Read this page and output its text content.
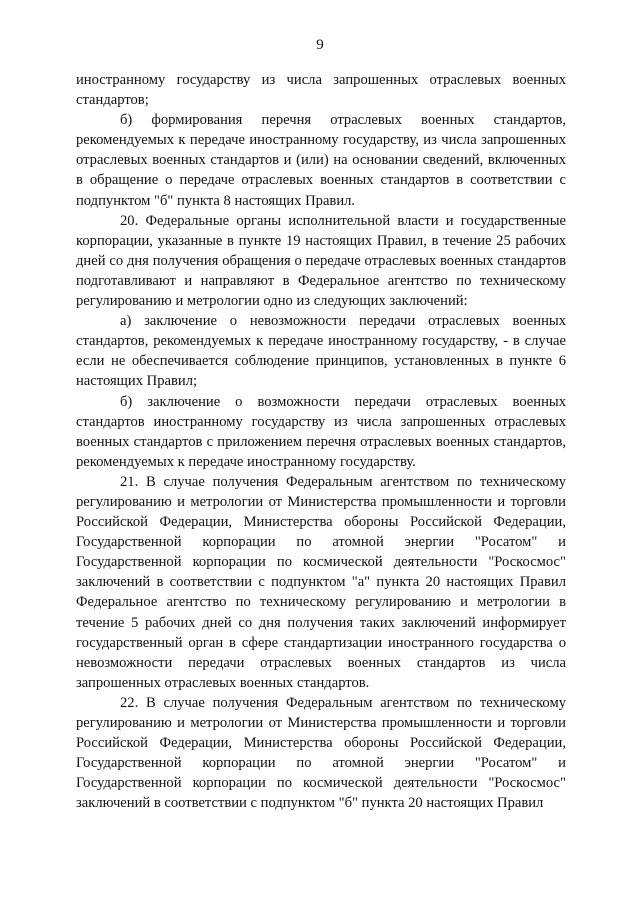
9

иностранному государству из числа запрошенных отраслевых военных стандартов;

б) формирования перечня отраслевых военных стандартов, рекомендуемых к передаче иностранному государству, из числа запрошенных отраслевых военных стандартов и (или) на основании сведений, включенных в обращение о передаче отраслевых военных стандартов в соответствии с подпунктом "б" пункта 8 настоящих Правил.

20. Федеральные органы исполнительной власти и государственные корпорации, указанные в пункте 19 настоящих Правил, в течение 25 рабочих дней со дня получения обращения о передаче отраслевых военных стандартов подготавливают и направляют в Федеральное агентство по техническому регулированию и метрологии одно из следующих заключений:

а) заключение о невозможности передачи отраслевых военных стандартов, рекомендуемых к передаче иностранному государству, - в случае если не обеспечивается соблюдение принципов, установленных в пункте 6 настоящих Правил;

б) заключение о возможности передачи отраслевых военных стандартов иностранному государству из числа запрошенных отраслевых военных стандартов с приложением перечня отраслевых военных стандартов, рекомендуемых к передаче иностранному государству.

21. В случае получения Федеральным агентством по техническому регулированию и метрологии от Министерства промышленности и торговли Российской Федерации, Министерства обороны Российской Федерации, Государственной корпорации по атомной энергии "Росатом" и Государственной корпорации по космической деятельности "Роскосмос" заключений в соответствии с подпунктом "а" пункта 20 настоящих Правил Федеральное агентство по техническому регулированию и метрологии в течение 5 рабочих дней со дня получения таких заключений информирует государственный орган в сфере стандартизации иностранного государства о невозможности передачи отраслевых военных стандартов из числа запрошенных отраслевых военных стандартов.

22. В случае получения Федеральным агентством по техническому регулированию и метрологии от Министерства промышленности и торговли Российской Федерации, Министерства обороны Российской Федерации, Государственной корпорации по атомной энергии "Росатом" и Государственной корпорации по космической деятельности "Роскосмос" заключений в соответствии с подпунктом "б" пункта 20 настоящих Правил
